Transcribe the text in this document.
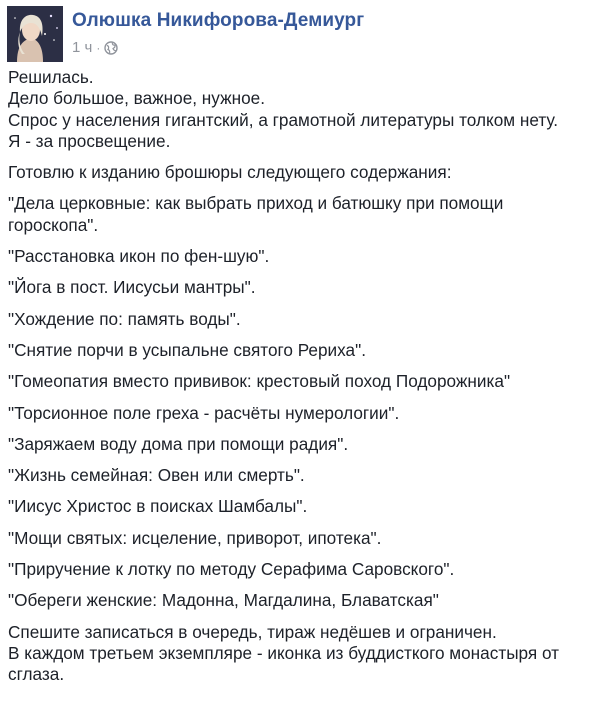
Олюшка Никифорова-Демиург
1 ч ·

Решилась.
Дело большое, важное, нужное.
Спрос у населения гигантский, а грамотной литературы толком нету.
Я - за просвещение.

Готовлю к изданию брошюры следующего содержания:

"Дела церковные: как выбрать приход и батюшку при помощи гороскопа".

"Расстановка икон по фен-шую".

"Йога в пост. Иисусьи мантры".

"Хождение по: память воды".

"Снятие порчи в усыпальне святого Рериха".

"Гомеопатия вместо прививок: крестовый поход Подорожника"

"Торсионное поле греха - расчёты нумерологии".

"Заряжаем воду дома при помощи радия".

"Жизнь семейная: Овен или смерть".

"Иисус Христос в поисках Шамбалы".

"Мощи святых: исцеление, приворот, ипотека".

"Приручение к лотку по методу Серафима Саровского".

"Обереги женские: Мадонна, Магдалина, Блаватская"

Спешите записаться в очередь, тираж недёшев и ограничен.
В каждом третьем экземпляре - иконка из буддисткого монастыря от сглаза.
